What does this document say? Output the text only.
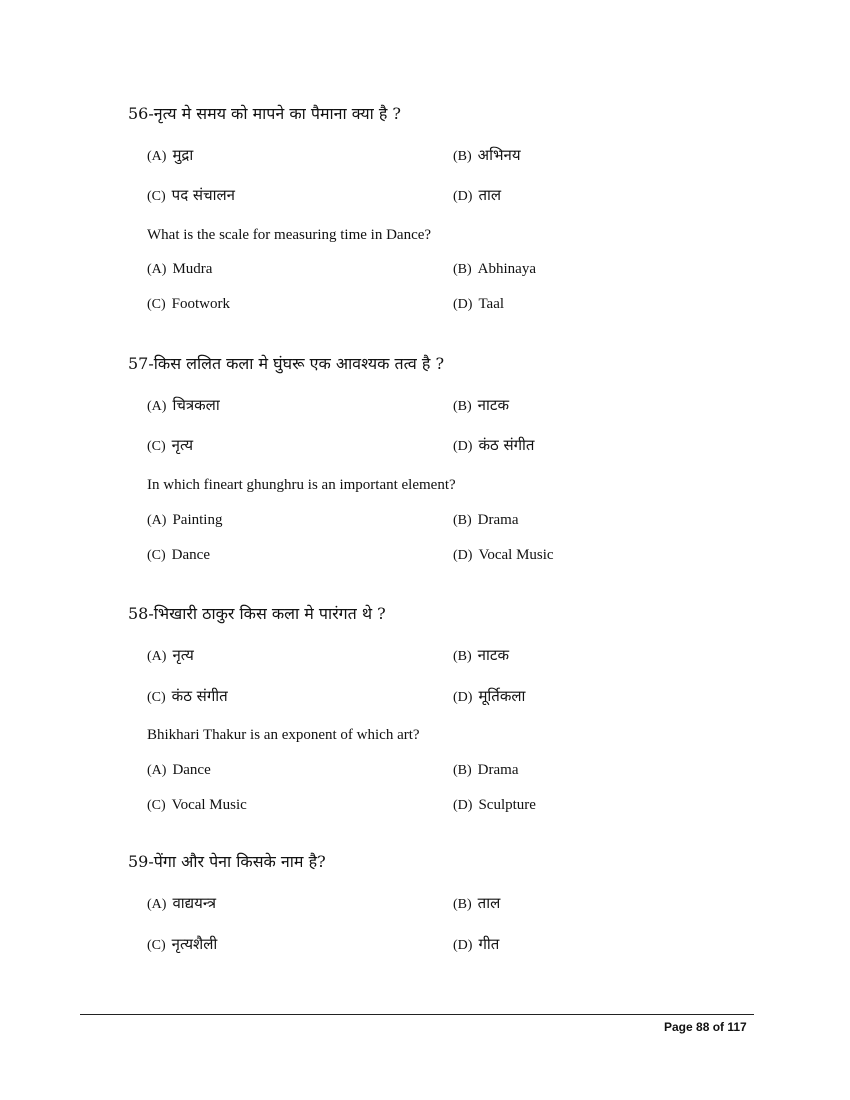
56-नृत्य मे समय को मापने का पैमाना क्या है ?
(A) मुद्रा	(B) अभिनय
(C) पद संचालन	(D) ताल
What is the scale for measuring time in Dance?
(A) Mudra	(B) Abhinaya
(C) Footwork	(D) Taal
57-किस ललित कला मे घुंघरू एक आवश्यक तत्व है ?
(A) चित्रकला	(B) नाटक
(C) नृत्य	(D) कंठ संगीत
In which fineart ghunghru is an important element?
(A) Painting	(B) Drama
(C) Dance	(D) Vocal Music
58-भिखारी ठाकुर किस कला मे पारंगत थे ?
(A) नृत्य	(B) नाटक
(C) कंठ संगीत	(D) मूर्तिकला
Bhikhari Thakur is an exponent of which art?
(A) Dance	(B) Drama
(C) Vocal Music	(D) Sculpture
59-पेंगा और पेना किसके नाम है?
(A) वाद्ययन्त्र	(B) ताल
(C) नृत्यशैली	(D) गीत
Page 88 of 117
